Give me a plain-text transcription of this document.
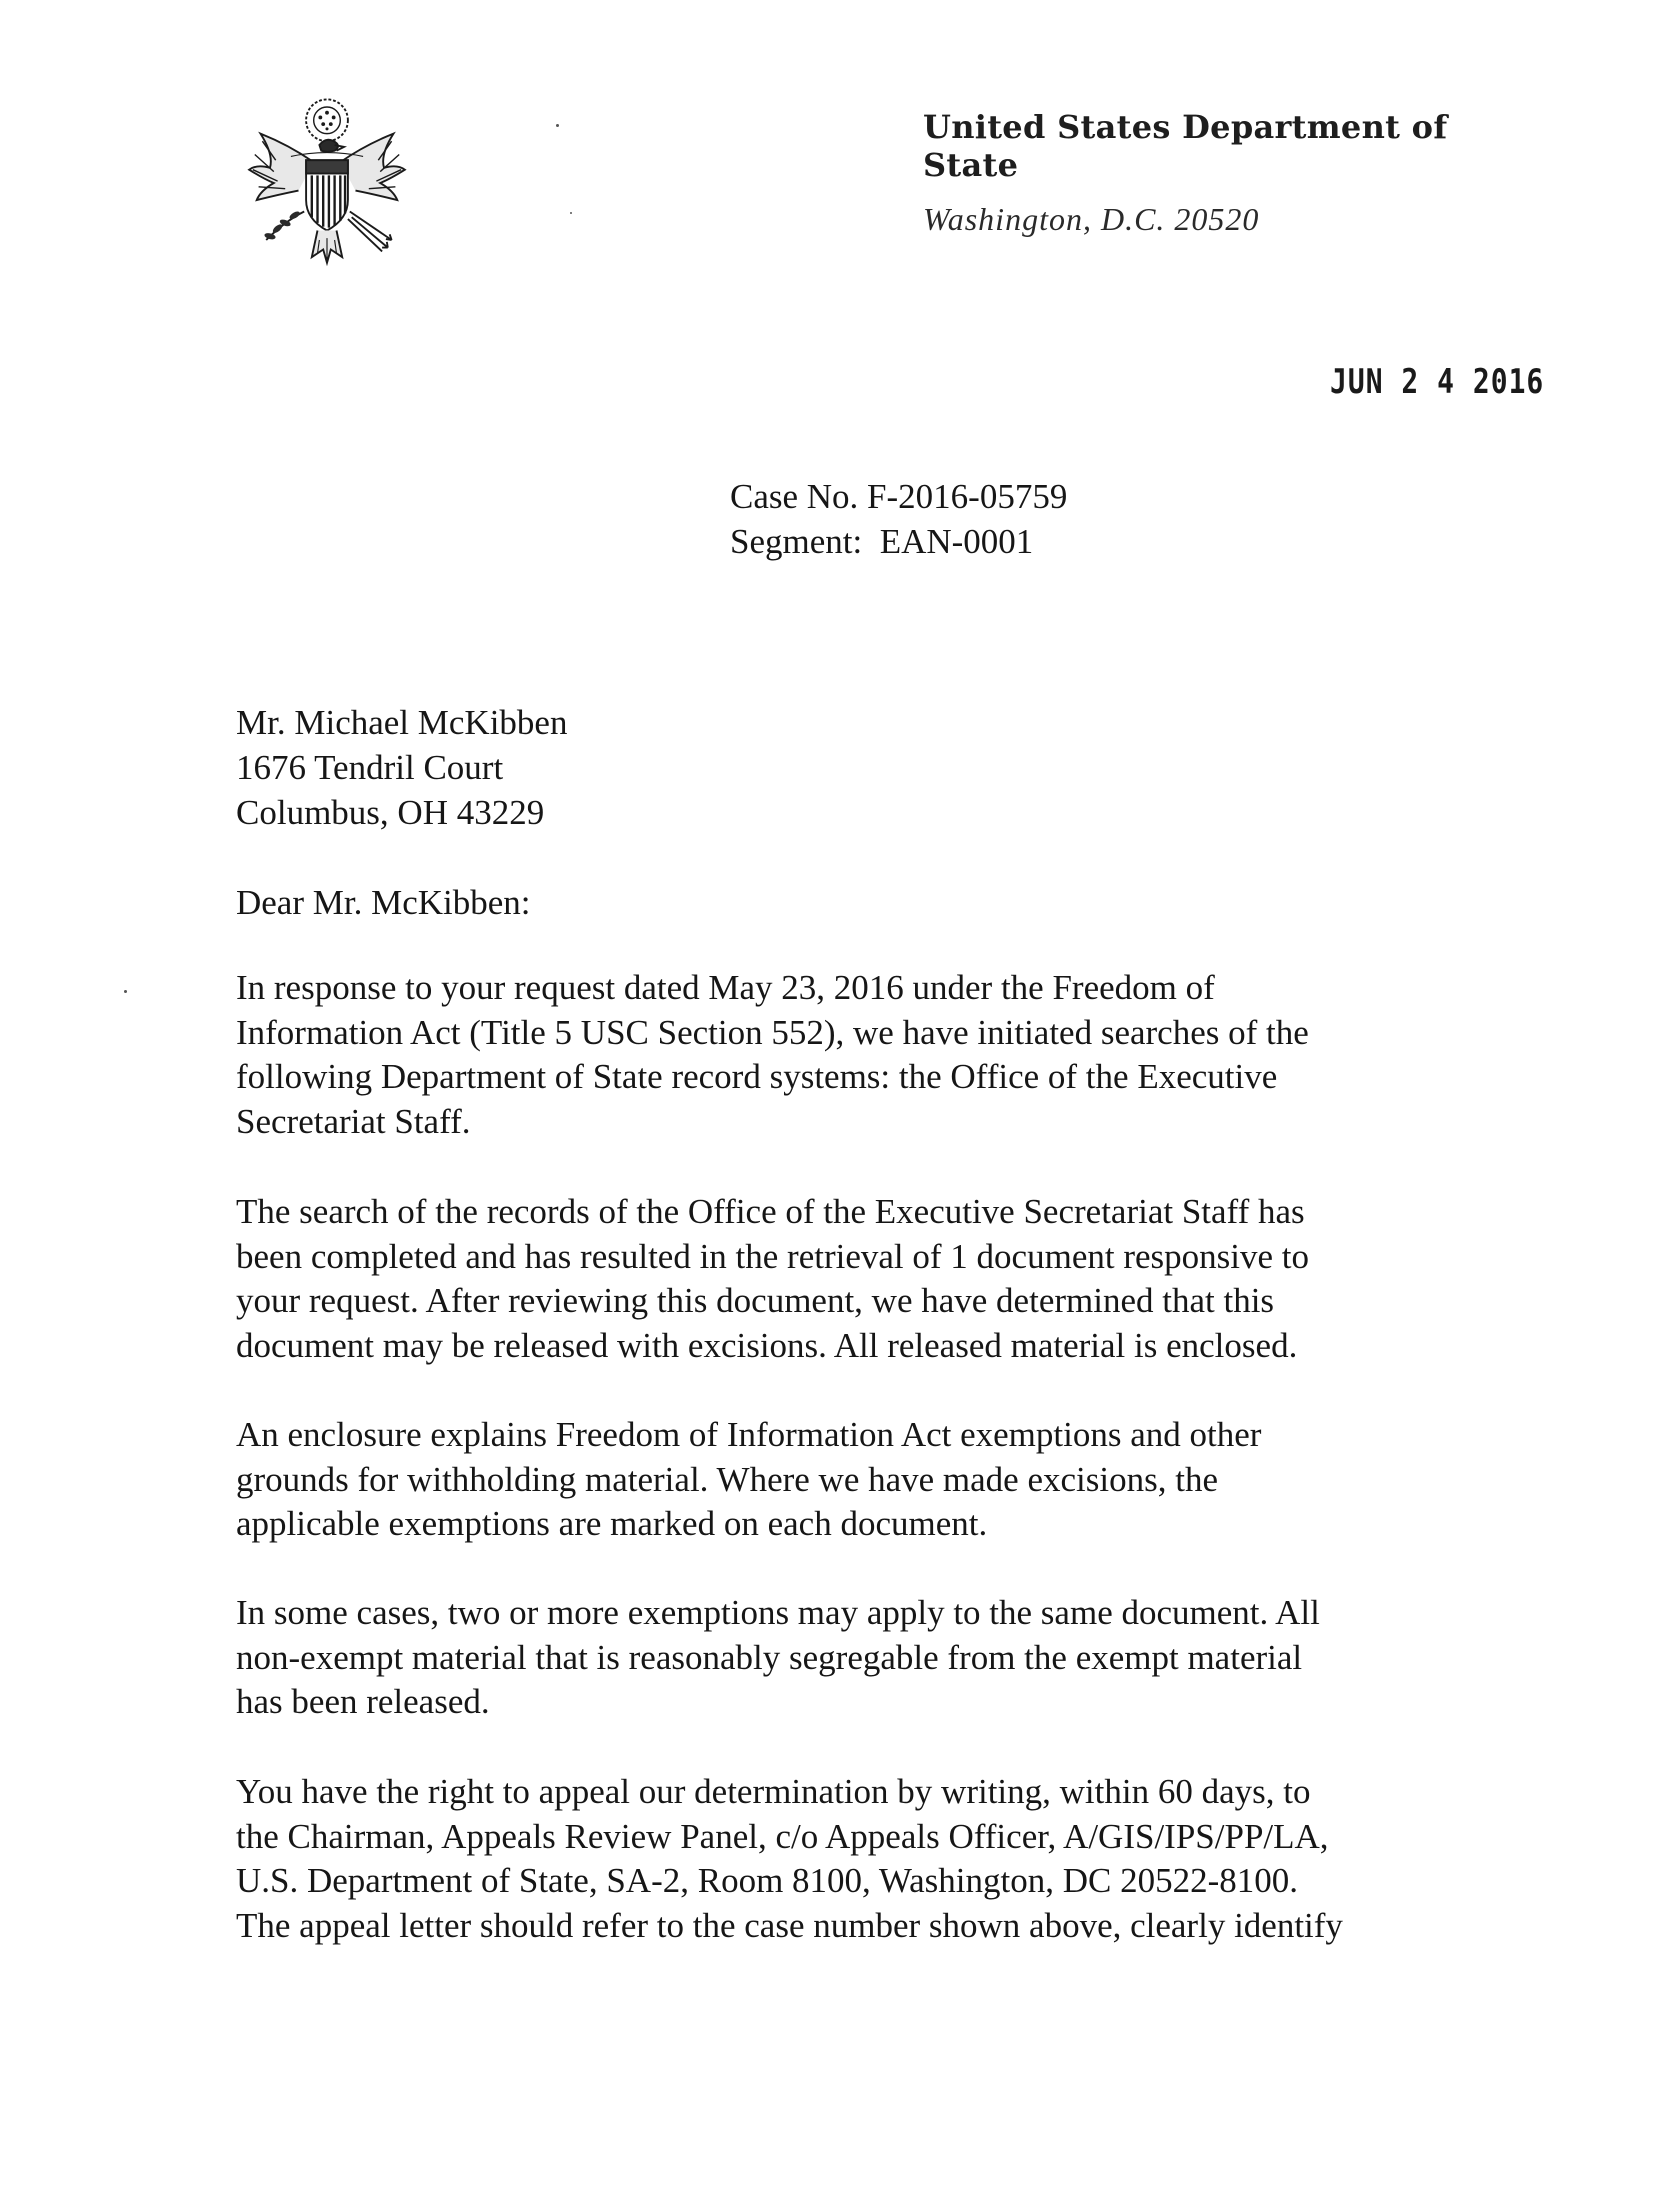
United States Department of State
Washington, D.C. 20520
JUN 2 4 2016
Case No. F-2016-05759
Segment:  EAN-0001
Mr. Michael McKibben
1676 Tendril Court
Columbus, OH 43229
Dear Mr. McKibben:
In response to your request dated May 23, 2016 under the Freedom of
Information Act (Title 5 USC Section 552), we have initiated searches of the
following Department of State record systems: the Office of the Executive
Secretariat Staff.
The search of the records of the Office of the Executive Secretariat Staff has
been completed and has resulted in the retrieval of 1 document responsive to
your request. After reviewing this document, we have determined that this
document may be released with excisions. All released material is enclosed.
An enclosure explains Freedom of Information Act exemptions and other
grounds for withholding material. Where we have made excisions, the
applicable exemptions are marked on each document.
In some cases, two or more exemptions may apply to the same document. All
non-exempt material that is reasonably segregable from the exempt material
has been released.
You have the right to appeal our determination by writing, within 60 days, to
the Chairman, Appeals Review Panel, c/o Appeals Officer, A/GIS/IPS/PP/LA,
U.S. Department of State, SA-2, Room 8100, Washington, DC 20522-8100.
The appeal letter should refer to the case number shown above, clearly identify
